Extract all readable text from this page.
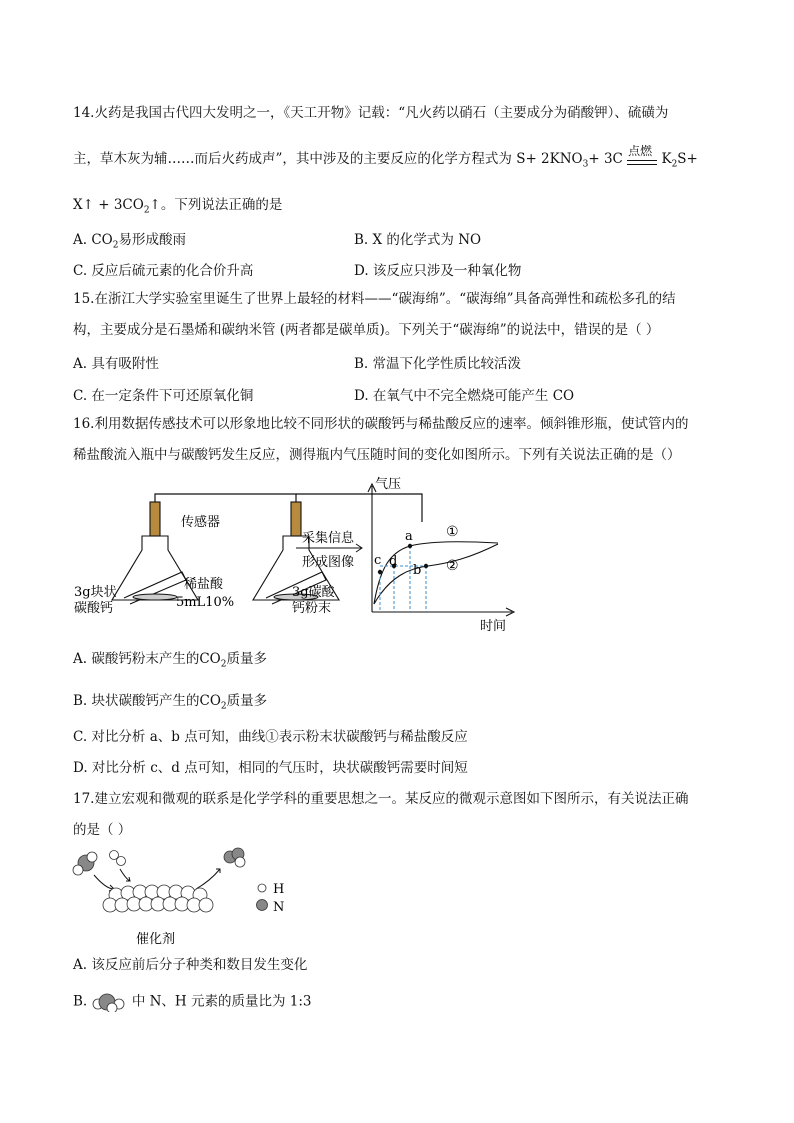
14.火药是我国古代四大发明之一，《天工开物》记载：“凡火药以硝石（主要成分为硝酸钾）、硫磺为
主，草木灰为辅……而后火药成声”，其中涉及的主要反应的化学方程式为 $S+ 2KNO_3+ 3C$
点燃
$K_2S+$
X↑ + $3CO_2↑$。下列说法正确的是
A. $CO_2$易形成酸雨	B. X 的化学式为 NO
C. 反应后硫元素的化合价升高	D. 该反应只涉及一种氧化物
15.在浙江大学实验室里诞生了世界上最轻的材料——“碳海绵”。“碳海绵”具备高弹性和疏松多孔的结
构，主要成分是石墨烯和碳纳米管 (两者都是碳单质)。下列关于“碳海绵”的说法中，错误的是（ ）
A. 具有吸附性	B. 常温下化学性质比较活泼
C. 在一定条件下可还原氧化铜	D. 在氧气中不完全燃烧可能产生 CO
16.利用数据传感技术可以形象地比较不同形状的碳酸钙与稀盐酸反应的速率。倾斜锥形瓶，使试管内的
稀盐酸流入瓶中与碳酸钙发生反应，测得瓶内气压随时间的变化如图所示。下列有关说法正确的是（）
传感器
3g块状
碳酸钙
稀盐酸
5mL10%
3g碳酸
钙粉末
采集信息
形成图像
气压
时间
a
b
c d
①
②
A. 碳酸钙粉末产生的$CO_2$质量多
B. 块状碳酸钙产生的$CO_2$质量多
C. 对比分析 a、b 点可知，曲线①表示粉末状碳酸钙与稀盐酸反应
D. 对比分析 c、d 点可知，相同的气压时，块状碳酸钙需要时间短
17.建立宏观和微观的联系是化学学科的重要思想之一。某反应的微观示意图如下图所示，有关说法正确
的是（ ）
催化剂
H
N
A. 该反应前后分子种类和数目发生变化
B.	中 N、H 元素的质量比为 1:3
